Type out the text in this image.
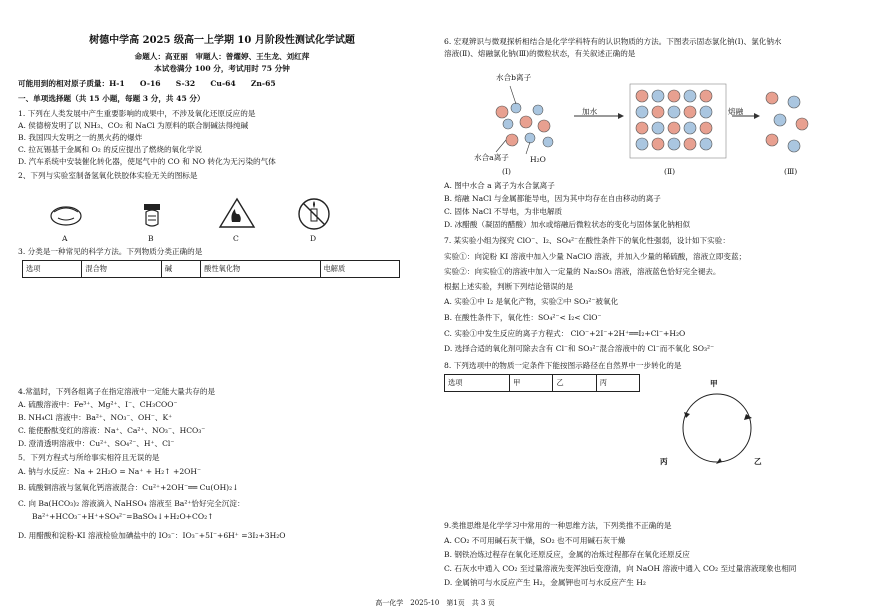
树德中学高 2025 级高一上学期 10 月阶段性测试化学试题
命题人：高亚丽　审题人：曾燿婷、王生龙、刘红萍
本试卷满分 100 分，考试用时 75 分钟
可能用到的相对原子质量：H-1　　O-16　　S-32　　Cu-64　　Zn-65
一、单项选择题（共 15 小题，每题 3 分，共 45 分）
1. 下列在人类发展中产生重要影响的成果中，不涉及氧化还原反应的是
A. 侯德榜发明了以 NH₃、CO₂ 和 NaCl 为原料的联合制碱法得纯碱
B. 我国四大发明之一的黑火药的爆炸
C. 拉瓦锡基于金属和 O₂ 的反应提出了燃烧的氧化学说
D. 汽车系统中安装催化转化器，使尾气中的 CO 和 NO 转化为无污染的气体
2、下列与实验室制备氢氧化铁胶体实验无关的图标是
A	B	C	D
3. 分类是一种常见的科学方法。下列物质分类正确的是
选项	混合物	碱	酸性氧化物	电解质
4.常温时，下列各组离子在指定溶液中一定能大量共存的是
A. 硫酸溶液中：Fe³⁺、Mg²⁺、I⁻、CH₃COO⁻
B. NH₄Cl 溶液中：Ba²⁺、NO₃⁻、OH⁻、K⁺
C. 能使酚酞变红的溶液：Na⁺、Ca²⁺、NO₃⁻、HCO₃⁻
D. 澄清透明溶液中：Cu²⁺、SO₄²⁻、H⁺、Cl⁻
5．下列方程式与所给事实相符且无误的是
A. 钠与水反应：Na + 2H₂O = Na⁺ + H₂↑ +2OH⁻
B. 硫酸铜溶液与氢氧化钙溶液混合：Cu²⁺+2OH⁻══ Cu(OH)₂↓
C. 向 Ba(HCO₃)₂ 溶液滴入 NaHSO₄ 溶液至 Ba²⁺恰好完全沉淀：
Ba²⁺+HCO₃⁻+H⁺+SO₄²⁻=BaSO₄↓+H₂O+CO₂↑
D. 用醋酸和淀粉-KI 溶液检验加碘盐中的 IO₃⁻：IO₃⁻+5I⁻+6H⁺ =3I₂+3H₂O
6. 宏观辨识与微观探析相结合是化学学科特有的认识物质的方法。下图表示固态氯化钠(Ⅰ)、氯化钠水
溶液(Ⅱ)、熔融氯化钠(Ⅲ)的微粒状态，有关叙述正确的是
水合b离子
水合a离子	H₂O
加水	熔融
(Ⅰ)	(Ⅱ)	(Ⅲ)
A. 图中水合 a 离子为水合氯离子
B. 熔融 NaCl 与金属都能导电，因为其中均存在自由移动的离子
C. 固体 NaCl 不导电，为非电解质
D. 冰醋酸（凝固的醋酸）加水或熔融后微粒状态的变化与固体氯化钠相似
7. 某实验小组为探究 ClO⁻、I₂、SO₄²⁻在酸性条件下的氧化性强弱，设计如下实验：
实验①：向淀粉 KI 溶液中加入少量 NaClO 溶液，并加入少量的稀硫酸，溶液立即变蓝；
实验②：向实验①的溶液中加入一定量的 Na₂SO₃ 溶液，溶液蓝色恰好完全褪去。
根据上述实验，判断下列结论错误的是
A. 实验①中 I₂ 是氧化产物，实验②中 SO₃²⁻被氧化
B. 在酸性条件下，氧化性：SO₄²⁻< I₂< ClO⁻
C. 实验①中发生反应的离子方程式： ClO⁻+2I⁻+2H⁺══I₂+Cl⁻+H₂O
D. 选择合适的氧化剂可除去含有 Cl⁻和 SO₃²⁻混合溶液中的 Cl⁻而不氧化 SO₃²⁻
8. 下列选项中的物质一定条件下能按图示路径在自然界中一步转化的是
选项	甲	乙	丙	甲
乙
丙
9.类推思维是化学学习中常用的一种思维方法，下列类推不正确的是
A. CO₂ 不可用碱石灰干燥，SO₂ 也不可用碱石灰干燥
B. 钢铁冶炼过程存在氧化还原反应，金属的冶炼过程都存在氧化还原反应
C. 石灰水中通入 CO₂ 至过量溶液先变浑浊后变澄清，向 NaOH 溶液中通入 CO₂ 至过量溶液现象也相同
D. 金属钠可与水反应产生 H₂，金属钾也可与水反应产生 H₂
高一化学　2025-10　第1页　共 3 页
